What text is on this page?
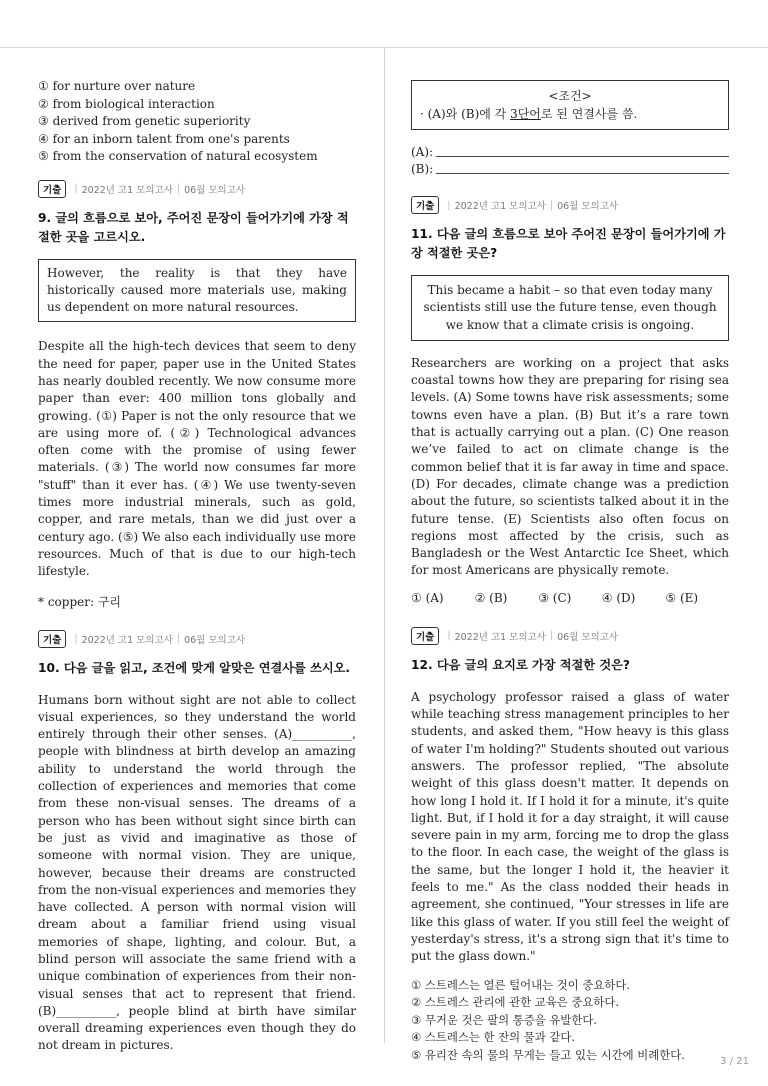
① for nurture over nature
② from biological interaction
③ derived from genetic superiority
④ for an inborn talent from one's parents
⑤ from the conservation of natural ecosystem
기출	| 2022년 고1 모의고사 | 06월 모의고사
9. 글의 흐름으로 보아, 주어진 문장이 들어가기에 가장 적절한 곳을 고르시오.
However, the reality is that they have historically caused more materials use, making us dependent on more natural resources.

Despite all the high-tech devices that seem to deny the need for paper, paper use in the United States has nearly doubled recently. We now consume more paper than ever: 400 million tons globally and growing. (①) Paper is not the only resource that we are using more of. (②) Technological advances often come with the promise of using fewer materials. (③) The world now consumes far more "stuff" than it ever has. (④) We use twenty-seven times more industrial minerals, such as gold, copper, and rare metals, than we did just over a century ago. (⑤) We also each individually use more resources. Much of that is due to our high-tech lifestyle.

* copper: 구리
기출	| 2022년 고1 모의고사 | 06월 모의고사
10. 다음 글을 읽고, 조건에 맞게 알맞은 연결사를 쓰시오.

Humans born without sight are not able to collect visual experiences, so they understand the world entirely through their other senses. (A)__________, people with blindness at birth develop an amazing ability to understand the world through the collection of experiences and memories that come from these non-visual senses. The dreams of a person who has been without sight since birth can be just as vivid and imaginative as those of someone with normal vision. They are unique, however, because their dreams are constructed from the non-visual experiences and memories they have collected. A person with normal vision will dream about a familiar friend using visual memories of shape, lighting, and colour. But, a blind person will associate the same friend with a unique combination of experiences from their non-visual senses that act to represent that friend. (B)__________, people blind at birth have similar overall dreaming experiences even though they do not dream in pictures.

<조건>
· (A)와 (B)에 각 3단어로 된 연결사를 씀.
(A):
(B):
기출	| 2022년 고1 모의고사 | 06월 모의고사
11. 다음 글의 흐름으로 보아 주어진 문장이 들어가기에 가장 적절한 곳은?
This became a habit – so that even today many scientists still use the future tense, even though we know that a climate crisis is ongoing.

Researchers are working on a project that asks coastal towns how they are preparing for rising sea levels. (A) Some towns have risk assessments; some towns even have a plan. (B) But it’s a rare town that is actually carrying out a plan. (C) One reason we’ve failed to act on climate change is the common belief that it is far away in time and space. (D) For decades, climate change was a prediction about the future, so scientists talked about it in the future tense. (E) Scientists also often focus on regions most affected by the crisis, such as Bangladesh or the West Antarctic Ice Sheet, which for most Americans are physically remote.

① (A)	② (B)	③ (C)	④ (D)	⑤ (E)
기출	| 2022년 고1 모의고사 | 06월 모의고사
12. 다음 글의 요지로 가장 적절한 것은?

A psychology professor raised a glass of water while teaching stress management principles to her students, and asked them, "How heavy is this glass of water I'm holding?" Students shouted out various answers. The professor replied, "The absolute weight of this glass doesn't matter. It depends on how long I hold it. If I hold it for a minute, it's quite light. But, if I hold it for a day straight, it will cause severe pain in my arm, forcing me to drop the glass to the floor. In each case, the weight of the glass is the same, but the longer I hold it, the heavier it feels to me." As the class nodded their heads in agreement, she continued, "Your stresses in life are like this glass of water. If you still feel the weight of yesterday's stress, it's a strong sign that it's time to put the glass down."

① 스트레스는 열른 털어내는 것이 중요하다.
② 스트레스 관리에 관한 교육은 중요하다.
③ 무거운 것은 팔의 통증을 유발한다.
④ 스트레스는 한 잔의 물과 같다.
⑤ 유리잔 속의 물의 무게는 들고 있는 시간에 비례한다.	3 / 21
